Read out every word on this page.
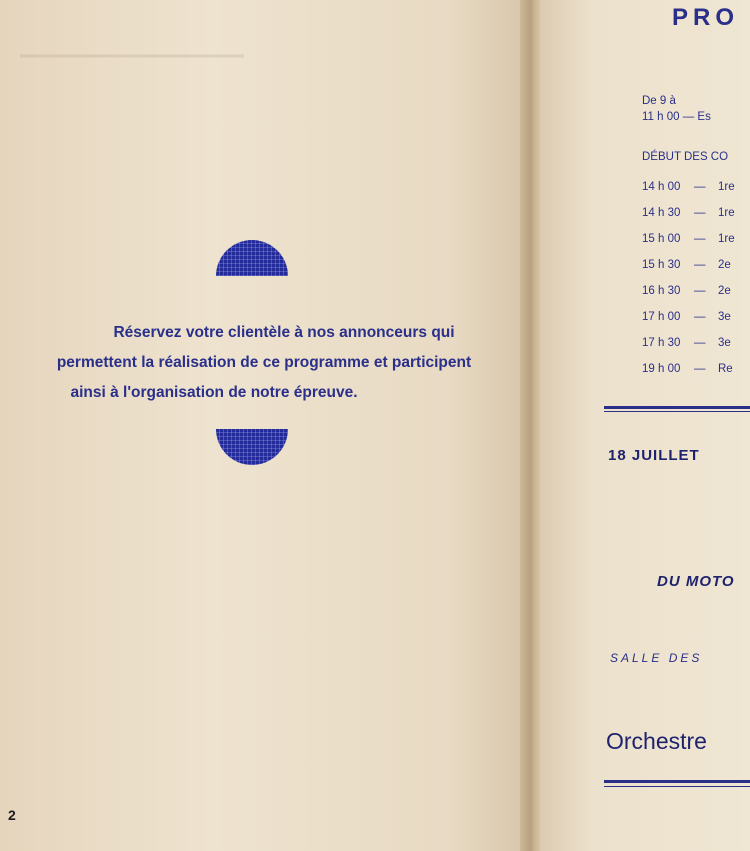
⎯⎯⎯⎯⎯⎯⎯⎯
Réservez votre clientèle à nos annonceurs qui
permettent la réalisation de ce programme et participent
ainsi à l'organisation de notre épreuve.
2
PRO
De 9 à
11 h 00 — Es
DÉBUT DES CO
14 h 00 — 1re
14 h 30 — 1re
15 h 00 — 1re
15 h 30 — 2e
16 h 30 — 2e
17 h 00 — 3e
17 h 30 — 3e
19 h 00 — Re
18 JUILLET
DU MOTO
SALLE DES
Orchestre
